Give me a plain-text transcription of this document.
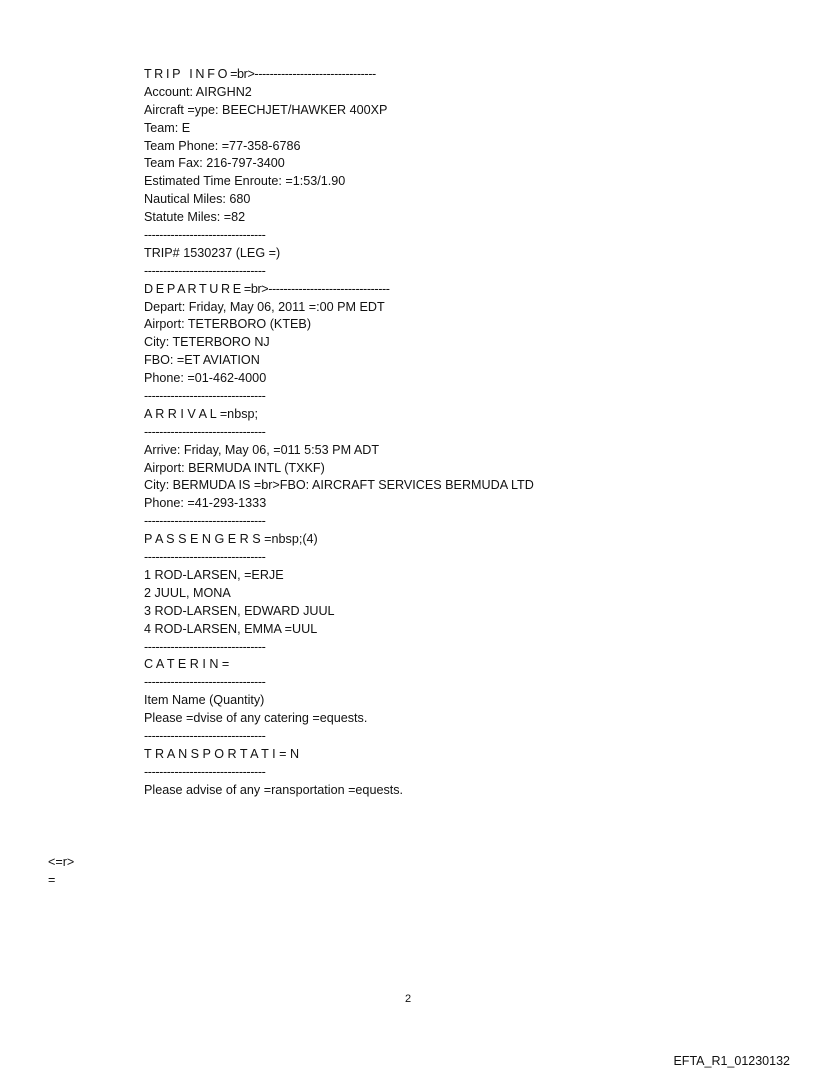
T R I P   I N F O =br>--------------------------------
Account: AIRGHN2
Aircraft =ype: BEECHJET/HAWKER 400XP
Team: E
Team Phone: =77-358-6786
Team Fax: 216-797-3400
Estimated Time Enroute: =1:53/1.90
Nautical Miles: 680
Statute Miles: =82
--------------------------------
TRIP# 1530237 (LEG =)
--------------------------------
D E P A R T U R E =br>--------------------------------
Depart: Friday, May 06, 2011 =:00 PM EDT
Airport: TETERBORO (KTEB)
City: TETERBORO NJ
FBO: =ET AVIATION
Phone: =01-462-4000
--------------------------------
A R R I V A L =nbsp;
--------------------------------
Arrive: Friday, May 06, =011 5:53 PM ADT
Airport: BERMUDA INTL (TXKF)
City: BERMUDA IS =br>FBO: AIRCRAFT SERVICES BERMUDA LTD
Phone: =41-293-1333
--------------------------------
P A S S E N G E R S =nbsp;(4)
--------------------------------
1 ROD-LARSEN, =ERJE
2 JUUL, MONA
3 ROD-LARSEN, EDWARD JUUL
4 ROD-LARSEN, EMMA =UUL
--------------------------------
C A T E R I N =
--------------------------------
Item Name (Quantity)
Please =dvise of any catering =equests.
--------------------------------
T R A N S P O R T A T I = N
--------------------------------
Please advise of any =ransportation =equests.
<=r>
=
2
EFTA_R1_01230132
